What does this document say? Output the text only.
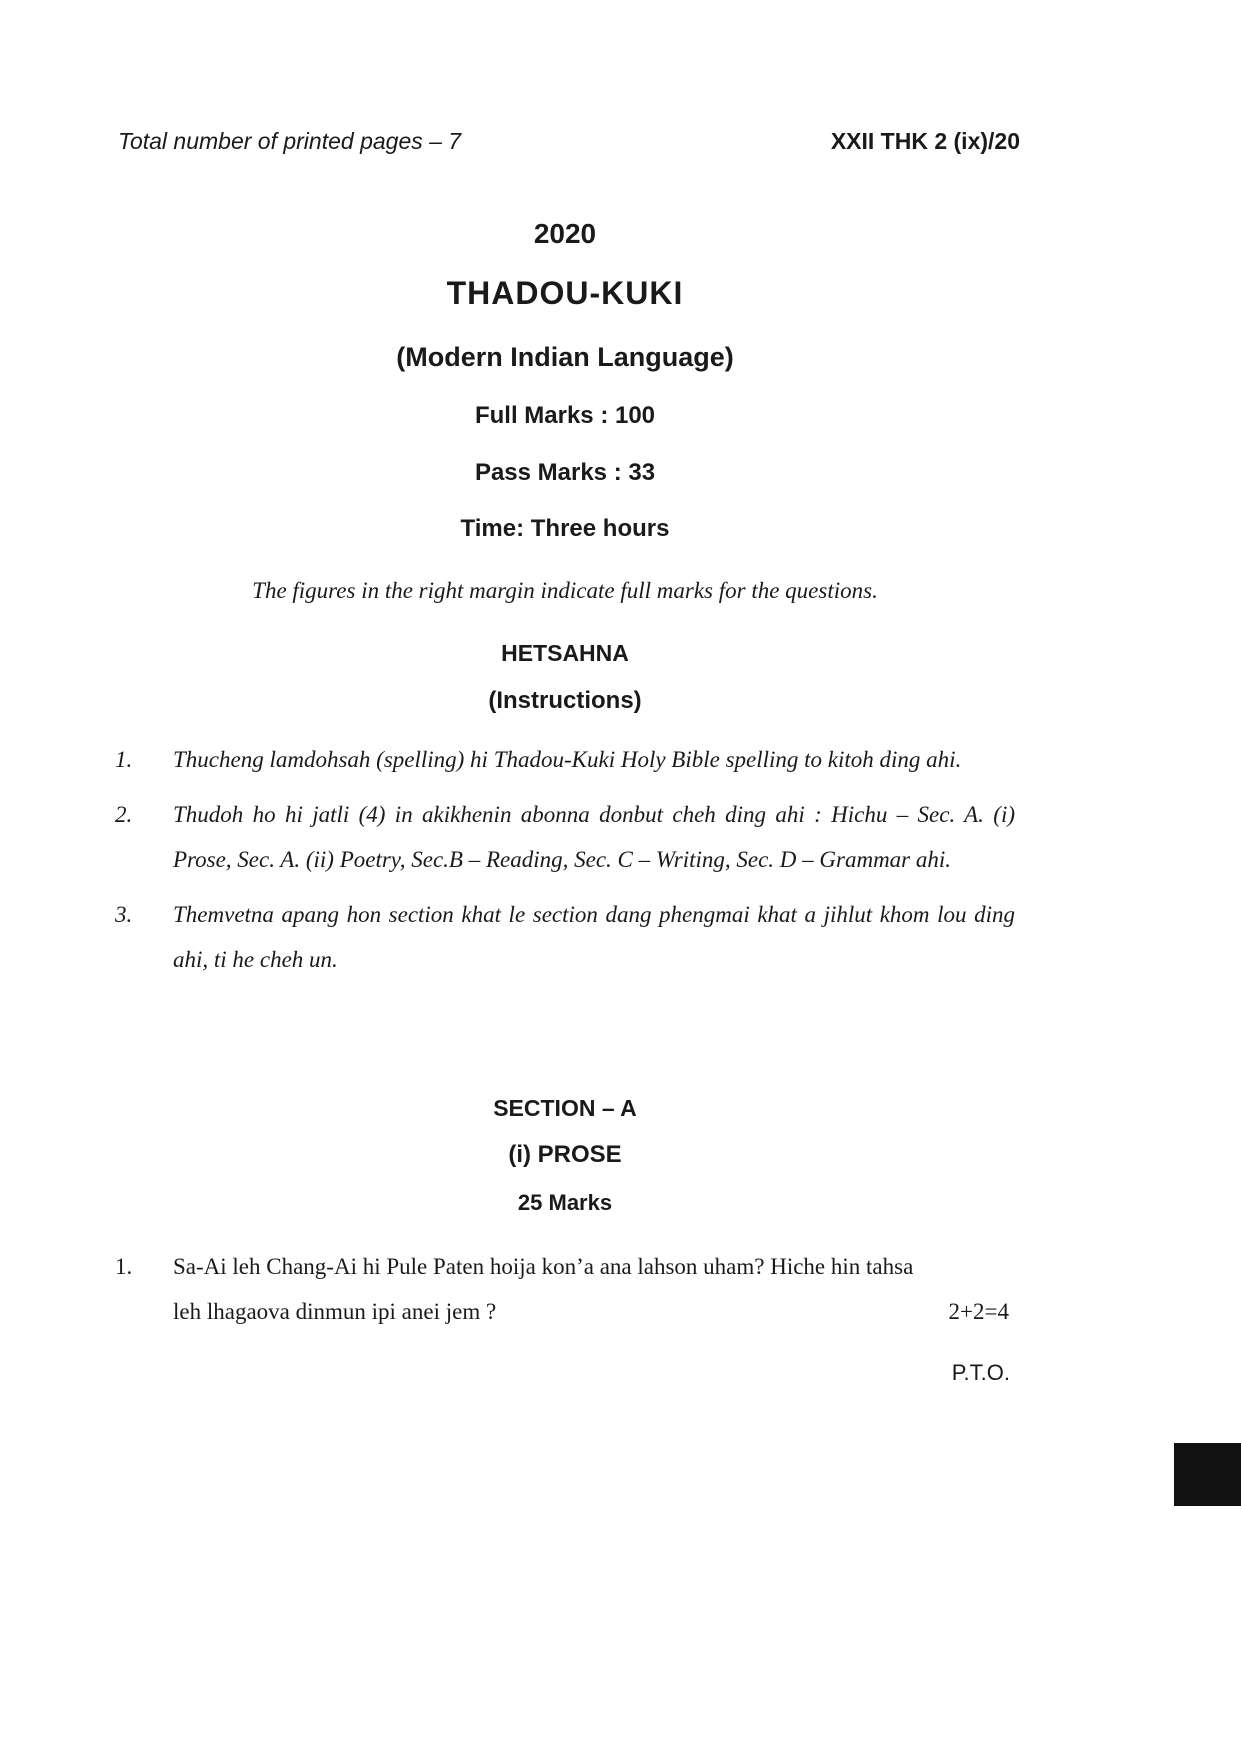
Total number of printed pages – 7	XXII THK 2 (ix)/20
2020
THADOU-KUKI
(Modern Indian Language)
Full Marks : 100
Pass Marks : 33
Time: Three hours
The figures in the right margin indicate full marks for the questions.
HETSAHNA
(Instructions)
1.	Thucheng lamdohsah (spelling) hi Thadou-Kuki Holy Bible spelling to kitoh ding ahi.
2.	Thudoh ho hi jatli (4) in akikhenin abonna donbut cheh ding ahi : Hichu – Sec. A. (i) Prose, Sec. A. (ii) Poetry, Sec.B – Reading, Sec. C – Writing, Sec. D – Grammar ahi.
3.	Themvetna apang hon section khat le section dang phengmai khat a jihlut khom lou ding ahi, ti he cheh un.
SECTION – A
(i) PROSE
25 Marks
1.	Sa-Ai leh Chang-Ai hi Pule Paten hoija kon’a ana lahson uham? Hiche hin tahsa
leh lhagaova dinmun ipi anei jem ?	2+2=4
P.T.O.
